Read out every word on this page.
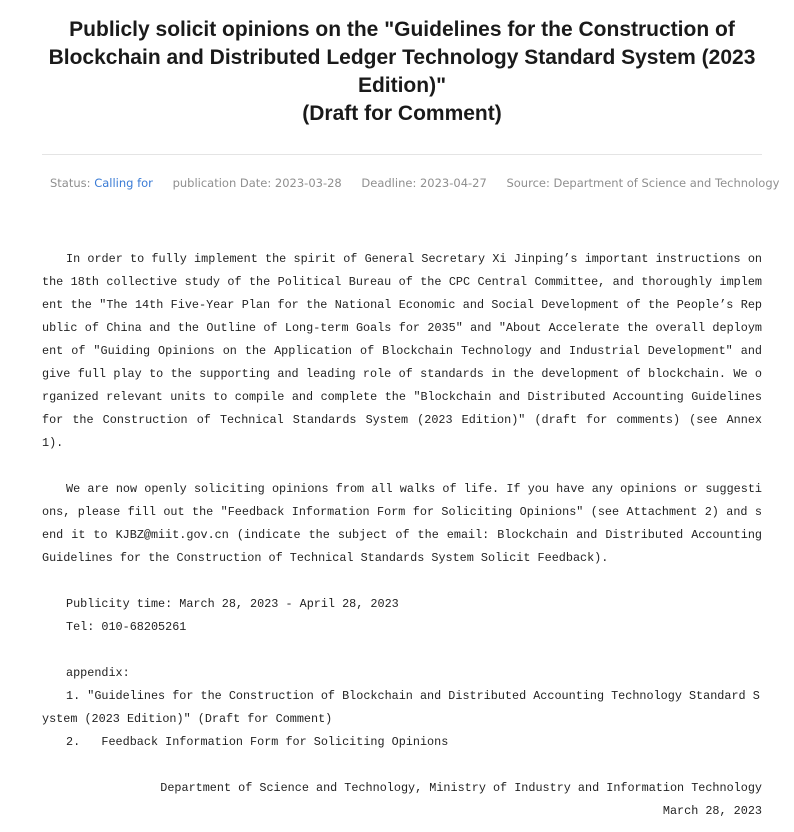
Publicly solicit opinions on the "Guidelines for the Construction of
Blockchain and Distributed Ledger Technology Standard System (2023
Edition)"
(Draft for Comment)
Status: Calling for publication Date: 2023-03-28 Deadline: 2023-04-27 Source: Department of Science and Technology

In order to fully implement the spirit of General Secretary Xi Jinping’s important instructions on the 18th collective study of the Political Bureau of the CPC Central Committee, and thoroughly implement the "The 14th Five-Year Plan for the National Economic and Social Development of the People’s Republic of China and the Outline of Long-term Goals for 2035" and "About Accelerate the overall deployment of "Guiding Opinions on the Application of Blockchain Technology and Industrial Development" and give full play to the supporting and leading role of standards in the development of blockchain. We organized relevant units to compile and complete the "Blockchain and Distributed Accounting Guidelines for the Construction of Technical Standards System (2023 Edition)" (draft for comments) (see Annex 1).

We are now openly soliciting opinions from all walks of life. If you have any opinions or suggestions, please fill out the "Feedback Information Form for Soliciting Opinions" (see Attachment 2) and send it to KJBZ@miit.gov.cn (indicate the subject of the email: Blockchain and Distributed Accounting Guidelines for the Construction of Technical Standards System Solicit Feedback).

Publicity time: March 28, 2023 - April 28, 2023

Tel: 010-68205261

appendix:

1. "Guidelines for the Construction of Blockchain and Distributed Accounting Technology Standard System (2023 Edition)" (Draft for Comment)

2.   Feedback Information Form for Soliciting Opinions

Department of Science and Technology, Ministry of Industry and Information Technology

March 28, 2023
